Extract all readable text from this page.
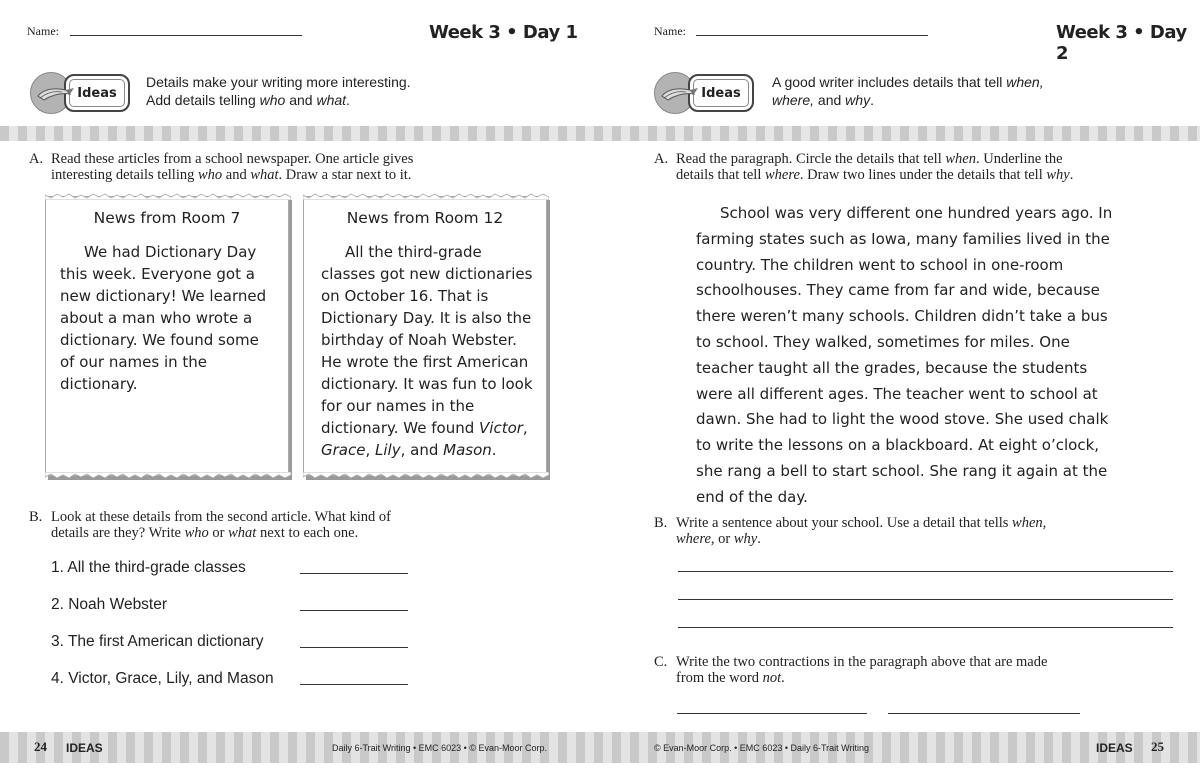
Name:	Week 3 • Day 1
Ideas
Details make your writing more interesting.
Add details telling who and what.
A. Read these articles from a school newspaper. One article gives
interesting details telling who and what. Draw a star next to it.
News from Room 7

We had Dictionary Day this week. Everyone got a new dictionary! We learned about a man who wrote a dictionary. We found some of our names in the dictionary.

News from Room 12

All the third-grade classes got new dictionaries on October 16. That is Dictionary Day. It is also the birthday of Noah Webster. He wrote the first American dictionary. It was fun to look for our names in the dictionary. We found Victor, Grace, Lily, and Mason.

B. Look at these details from the second article. What kind of
details are they? Write who or what next to each one.
1. All the third-grade classes
2. Noah Webster
3. The first American dictionary
4. Victor, Grace, Lily, and Mason
24 IDEAS	Daily 6-Trait Writing • EMC 6023 • © Evan-Moor Corp.
Name:	Week 3 • Day 2
Ideas
A good writer includes details that tell when,
where, and why.
A. Read the paragraph. Circle the details that tell when. Underline the
details that tell where. Draw two lines under the details that tell why.

School was very different one hundred years ago. In farming states such as Iowa, many families lived in the country. The children went to school in one-room schoolhouses. They came from far and wide, because there weren’t many schools. Children didn’t take a bus to school. They walked, sometimes for miles. One teacher taught all the grades, because the students were all different ages. The teacher went to school at dawn. She had to light the wood stove. She used chalk to write the lessons on a blackboard. At eight o’clock, she rang a bell to start school. She rang it again at the end of the day.

B. Write a sentence about your school. Use a detail that tells when,
where, or why.
C. Write the two contractions in the paragraph above that are made
from the word not.
© Evan-Moor Corp. • EMC 6023 • Daily 6-Trait Writing	IDEAS 25
